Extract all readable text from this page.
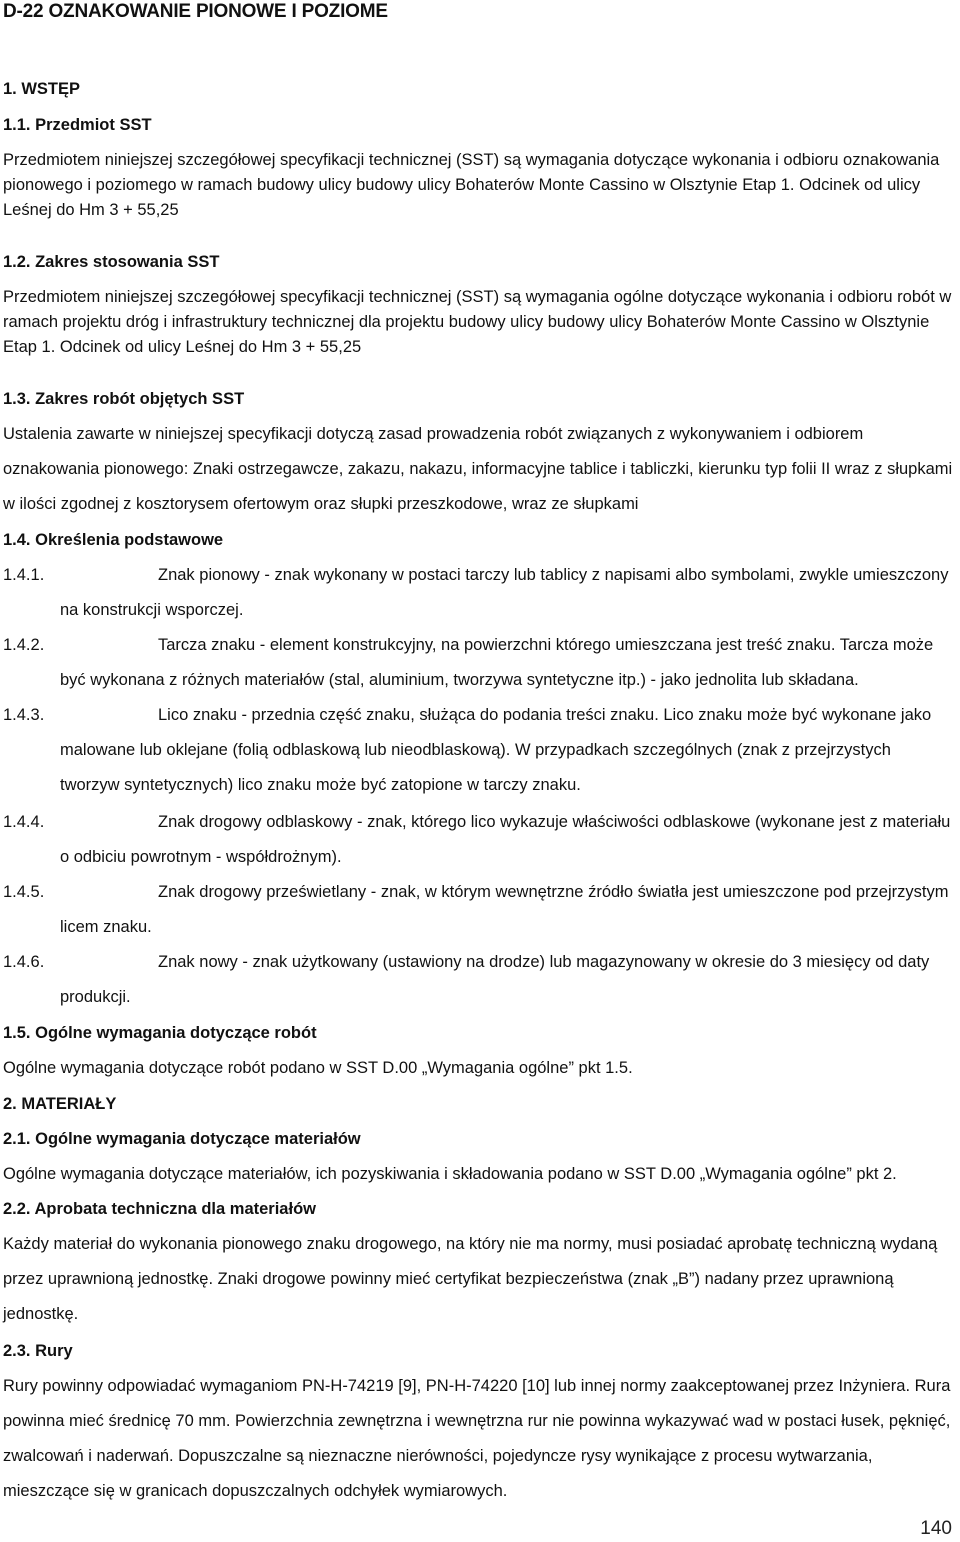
D-22 OZNAKOWANIE PIONOWE I POZIOME
1. WSTĘP
1.1. Przedmiot SST
Przedmiotem niniejszej szczegółowej specyfikacji technicznej (SST) są wymagania dotyczące wykonania i odbioru oznakowania pionowego i poziomego w ramach budowy ulicy budowy ulicy Bohaterów Monte Cassino w Olsztynie Etap 1. Odcinek od ulicy Leśnej do Hm 3 + 55,25
1.2. Zakres stosowania SST
Przedmiotem niniejszej szczegółowej specyfikacji technicznej (SST) są wymagania ogólne dotyczące wykonania i odbioru robót w ramach projektu dróg i infrastruktury technicznej dla projektu budowy ulicy budowy ulicy Bohaterów Monte Cassino w Olsztynie Etap 1. Odcinek od ulicy Leśnej do Hm 3 + 55,25
1.3. Zakres robót objętych SST
Ustalenia zawarte w niniejszej specyfikacji dotyczą zasad prowadzenia robót związanych z wykonywaniem i odbiorem oznakowania pionowego: Znaki ostrzegawcze, zakazu, nakazu, informacyjne tablice i tabliczki, kierunku typ folii II wraz z słupkami w ilości zgodnej z kosztorysem ofertowym oraz słupki przeszkodowe, wraz ze słupkami
1.4. Określenia podstawowe
1.4.1.	Znak pionowy - znak wykonany w postaci tarczy lub tablicy z napisami albo symbolami, zwykle umieszczony na konstrukcji wsporczej.
1.4.2.	Tarcza znaku - element konstrukcyjny, na powierzchni którego umieszczana jest treść znaku. Tarcza może być wykonana z różnych materiałów (stal, aluminium, tworzywa syntetyczne itp.) - jako jednolita lub składana.
1.4.3.	Lico znaku - przednia część znaku, służąca do podania treści znaku. Lico znaku może być wykonane jako malowane lub oklejane (folią odblaskową lub nieodblaskową). W przypadkach szczególnych (znak z przejrzystych tworzyw syntetycznych) lico znaku może być zatopione w tarczy znaku.
1.4.4.	Znak drogowy odblaskowy - znak, którego lico wykazuje właściwości odblaskowe (wykonane jest z materiału o odbiciu powrotnym - współdrożnym).
1.4.5.	Znak drogowy prześwietlany - znak, w którym wewnętrzne źródło światła jest umieszczone pod przejrzystym licem znaku.
1.4.6.	Znak nowy - znak użytkowany (ustawiony na drodze) lub magazynowany w okresie do 3 miesięcy od daty produkcji.
1.5. Ogólne wymagania dotyczące robót
Ogólne wymagania dotyczące robót podano w SST D.00 „Wymagania ogólne” pkt 1.5.
2. MATERIAŁY
2.1. Ogólne wymagania dotyczące materiałów
Ogólne wymagania dotyczące materiałów, ich pozyskiwania i składowania podano w SST D.00 „Wymagania ogólne” pkt 2.
2.2. Aprobata techniczna dla materiałów
Każdy materiał do wykonania pionowego znaku drogowego, na który nie ma normy, musi posiadać aprobatę techniczną wydaną przez uprawnioną jednostkę. Znaki drogowe powinny mieć certyfikat bezpieczeństwa (znak „B”) nadany przez uprawnioną jednostkę.
2.3. Rury
Rury powinny odpowiadać wymaganiom PN-H-74219 [9], PN-H-74220 [10] lub innej normy zaakceptowanej przez Inżyniera. Rura powinna mieć średnicę 70 mm. Powierzchnia zewnętrzna i wewnętrzna rur nie powinna wykazywać wad w postaci łusek, pęknięć, zwalcowań i naderwań. Dopuszczalne są nieznaczne nierówności, pojedyncze rysy wynikające z procesu wytwarzania, mieszczące się w granicach dopuszczalnych odchyłek wymiarowych.
140
